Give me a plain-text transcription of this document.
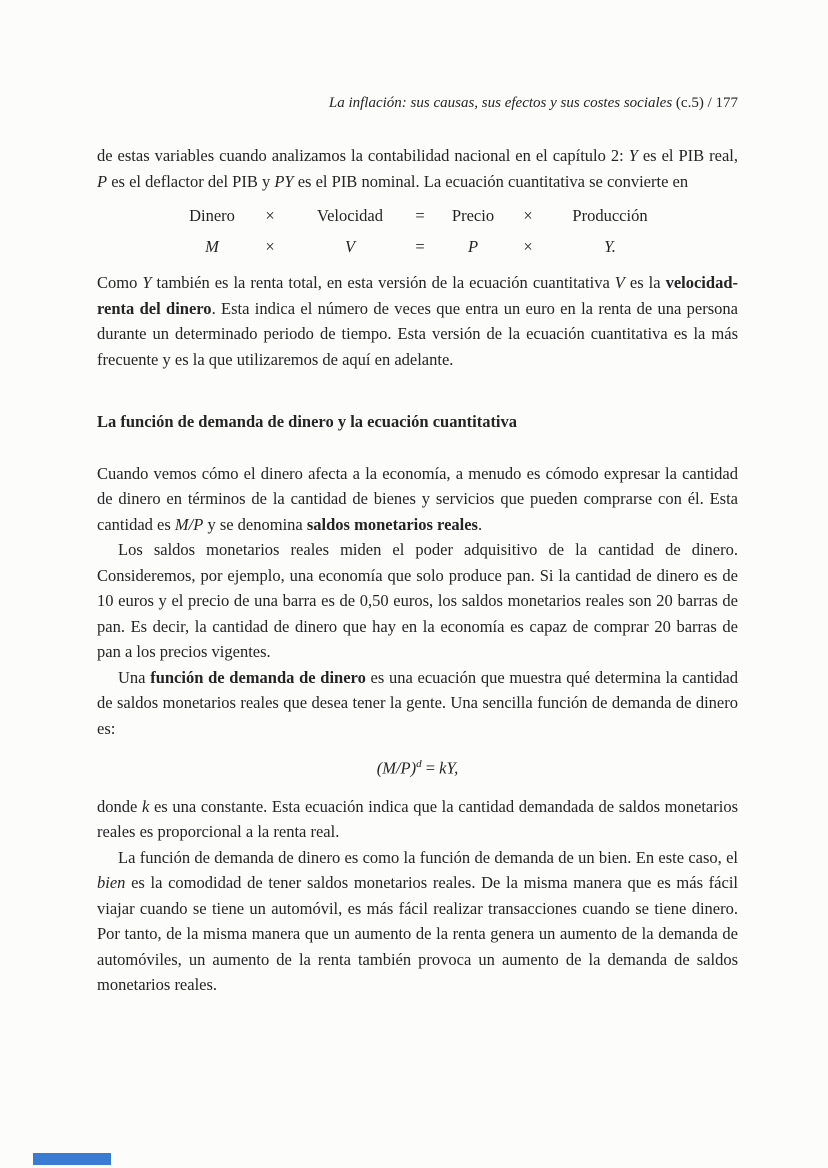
La inflación: sus causas, sus efectos y sus costes sociales (c.5) / 177

de estas variables cuando analizamos la contabilidad nacional en el capítulo 2: Y es el PIB real, P es el deflactor del PIB y PY es el PIB nominal. La ecuación cuantitativa se convierte en

Dinero ×	Velocidad = Precio × Producción
M	×	V	=	P	×	Y.

Como Y también es la renta total, en esta versión de la ecuación cuantitativa V es la velocidad-renta del dinero. Esta indica el número de veces que entra un euro en la renta de una persona durante un determinado periodo de tiempo. Esta versión de la ecuación cuantitativa es la más frecuente y es la que utilizaremos de aquí en adelante.

La función de demanda de dinero y la ecuación cuantitativa

Cuando vemos cómo el dinero afecta a la economía, a menudo es cómodo expresar la cantidad de dinero en términos de la cantidad de bienes y servicios que pueden comprarse con él. Esta cantidad es M/P y se denomina saldos monetarios reales.

Los saldos monetarios reales miden el poder adquisitivo de la cantidad de dinero. Consideremos, por ejemplo, una economía que solo produce pan. Si la cantidad de dinero es de 10 euros y el precio de una barra es de 0,50 euros, los saldos monetarios reales son 20 barras de pan. Es decir, la cantidad de dinero que hay en la economía es capaz de comprar 20 barras de pan a los precios vigentes.

Una función de demanda de dinero es una ecuación que muestra qué determina la cantidad de saldos monetarios reales que desea tener la gente. Una sencilla función de demanda de dinero es:

$(M/P)^d$ = kY,

donde k es una constante. Esta ecuación indica que la cantidad demandada de saldos monetarios reales es proporcional a la renta real.

La función de demanda de dinero es como la función de demanda de un bien. En este caso, el bien es la comodidad de tener saldos monetarios reales. De la misma manera que es más fácil viajar cuando se tiene un automóvil, es más fácil realizar transacciones cuando se tiene dinero. Por tanto, de la misma manera que un aumento de la renta genera un aumento de la demanda de automóviles, un aumento de la renta también provoca un aumento de la demanda de saldos monetarios reales.
